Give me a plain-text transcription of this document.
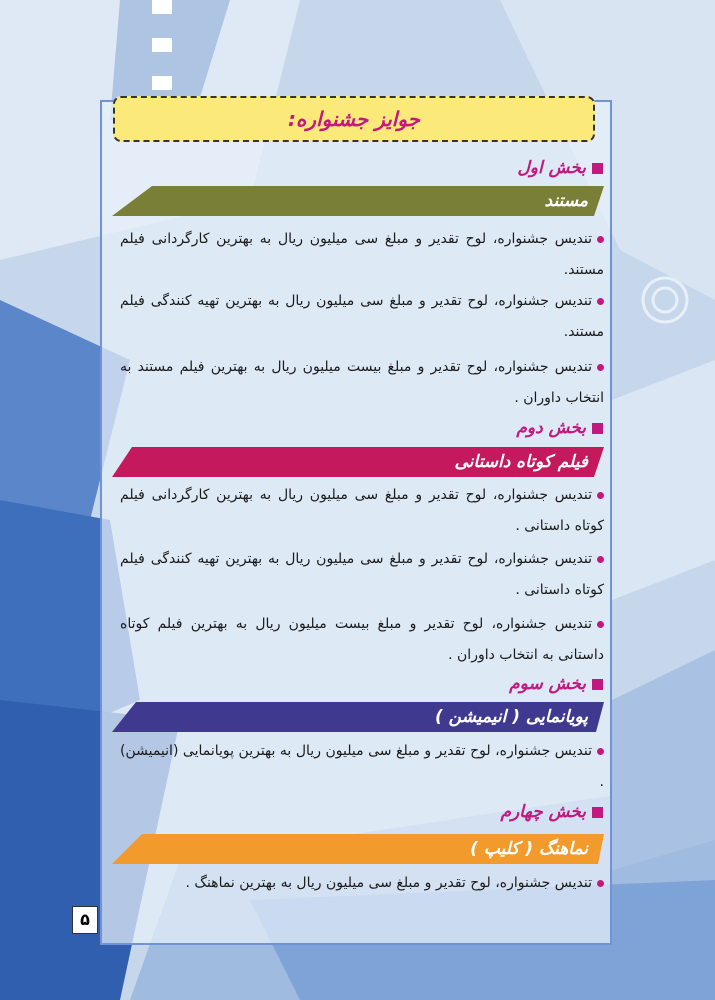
جوایز جشنواره:
بخش اول
مستند
تندیس جشنواره، لوح تقدیر و مبلغ سی میلیون ریال به بهترین کارگردانی فیلم مستند.
تندیس جشنواره، لوح تقدیر و مبلغ سی میلیون ریال به بهترین تهیه کنندگی فیلم مستند.
تندیس جشنواره، لوح تقدیر و مبلغ بیست میلیون ریال به بهترین فیلم مستند به انتخاب داوران .
بخش دوم
فیلم کوتاه داستانی
تندیس جشنواره، لوح تقدیر و مبلغ سی میلیون ریال به بهترین کارگردانی فیلم کوتاه داستانی .
تندیس جشنواره، لوح تقدیر و مبلغ سی میلیون ریال به بهترین تهیه کنندگی فیلم کوتاه داستانی .
تندیس جشنواره، لوح تقدیر و مبلغ بیست میلیون ریال به بهترین فیلم کوتاه داستانی به انتخاب داوران .
بخش سوم
پویانمایی ( انیمیشن )
تندیس جشنواره، لوح تقدیر و مبلغ سی میلیون ریال به بهترین پویانمایی (انیمیشن) .
بخش چهارم
نماهنگ ( کلیپ )
تندیس جشنواره، لوح تقدیر و مبلغ سی میلیون ریال به بهترین نماهنگ .
۵
